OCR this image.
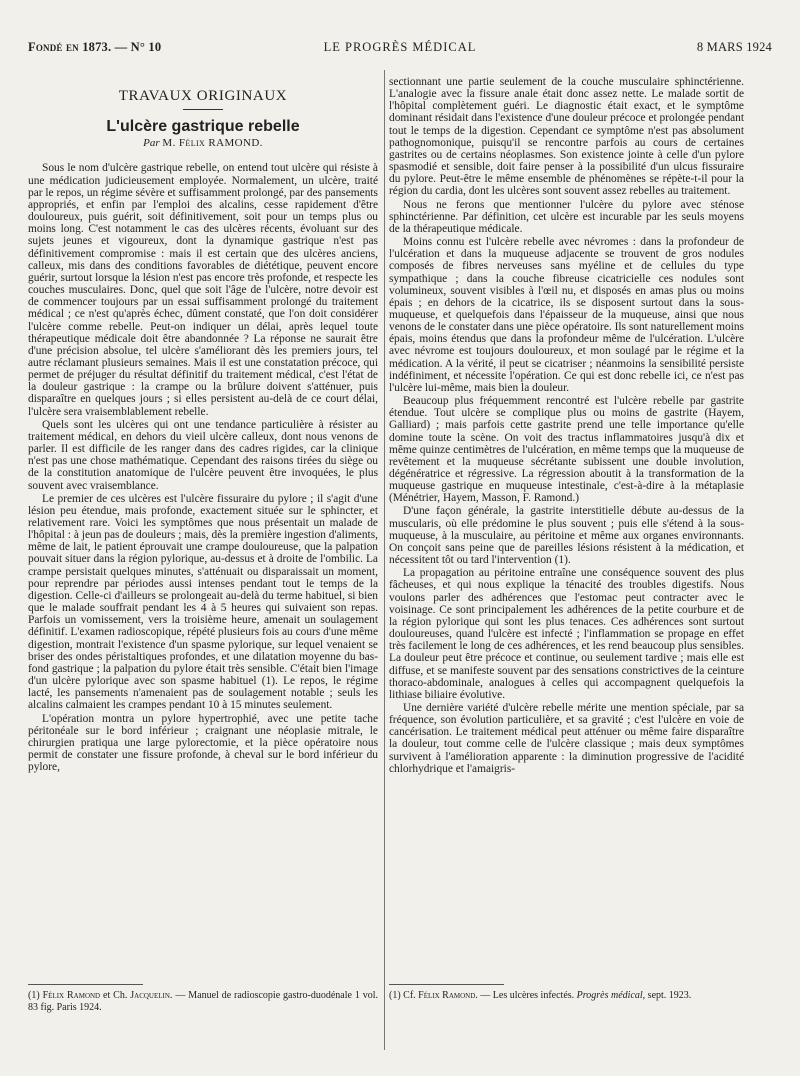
Fondé en 1873. — N° 10	LE PROGRÈS MÉDICAL	8 MARS 1924
TRAVAUX ORIGINAUX
L'ulcère gastrique rebelle
Par M. Félix RAMOND.

Sous le nom d'ulcère gastrique rebelle, on entend tout ulcère qui résiste à une médication judicieusement employée. Normalement, un ulcère, traité par le repos, un régime sévère et suffisamment prolongé, par des pansements appropriés, et enfin par l'emploi des alcalins, cesse rapidement d'être douloureux, puis guérit, soit définitivement, soit pour un temps plus ou moins long. C'est notamment le cas des ulcères récents, évoluant sur des sujets jeunes et vigoureux, dont la dynamique gastrique n'est pas définitivement compromise : mais il est certain que des ulcères anciens, calleux, mis dans des conditions favorables de diététique, peuvent encore guérir, surtout lorsque la lésion n'est pas encore très profonde, et respecte les couches musculaires. Donc, quel que soit l'âge de l'ulcère, notre devoir est de commencer toujours par un essai suffisamment prolongé du traitement médical ; ce n'est qu'après échec, dûment constaté, que l'on doit considérer l'ulcère comme rebelle. Peut-on indiquer un délai, après lequel toute thérapeutique médicale doit être abandonnée ? La réponse ne saurait être d'une précision absolue, tel ulcère s'améliorant dès les premiers jours, tel autre réclamant plusieurs semaines. Mais il est une constatation précoce, qui permet de préjuger du résultat définitif du traitement médical, c'est l'état de la douleur gastrique : la crampe ou la brûlure doivent s'atténuer, puis disparaître en quelques jours ; si elles persistent au-delà de ce court délai, l'ulcère sera vraisemblablement rebelle.

Quels sont les ulcères qui ont une tendance particulière à résister au traitement médical, en dehors du vieil ulcère calleux, dont nous venons de parler. Il est difficile de les ranger dans des cadres rigides, car la clinique n'est pas une chose mathématique. Cependant des raisons tirées du siège ou de la constitution anatomique de l'ulcère peuvent être invoquées, le plus souvent avec vraisemblance.

Le premier de ces ulcères est l'ulcère fissuraire du pylore ; il s'agit d'une lésion peu étendue, mais profonde, exactement située sur le sphincter, et relativement rare. Voici les symptômes que nous présentait un malade de l'hôpital : à jeun pas de douleurs ; mais, dès la première ingestion d'aliments, même de lait, le patient éprouvait une crampe douloureuse, que la palpation pouvait situer dans la région pylorique, au-dessus et à droite de l'ombilic. La crampe persistait quelques minutes, s'atténuait ou disparaissait un moment, pour reprendre par périodes aussi intenses pendant tout le temps de la digestion. Celle-ci d'ailleurs se prolongeait au-delà du terme habituel, si bien que le malade souffrait pendant les 4 à 5 heures qui suivaient son repas. Parfois un vomissement, vers la troisième heure, amenait un soulagement définitif. L'examen radioscopique, répété plusieurs fois au cours d'une même digestion, montrait l'existence d'un spasme pylorique, sur lequel venaient se briser des ondes péristaltiques profondes, et une dilatation moyenne du bas-fond gastrique ; la palpation du pylore était très sensible. C'était bien l'image d'un ulcère pylorique avec son spasme habituel (1). Le repos, le régime lacté, les pansements n'amenaient pas de soulagement notable ; seuls les alcalins calmaient les crampes pendant 10 à 15 minutes seulement.

L'opération montra un pylore hypertrophié, avec une petite tache péritonéale sur le bord inférieur ; craignant une néoplasie mitrale, le chirurgien pratiqua une large pylorectomie, et la pièce opératoire nous permit de constater une fissure profonde, à cheval sur le bord inférieur du pylore,

sectionnant une partie seulement de la couche musculaire sphinctérienne. L'analogie avec la fissure anale était donc assez nette. Le malade sortit de l'hôpital complètement guéri. Le diagnostic était exact, et le symptôme dominant résidait dans l'existence d'une douleur précoce et prolongée pendant tout le temps de la digestion. Cependant ce symptôme n'est pas absolument pathognomonique, puisqu'il se rencontre parfois au cours de certaines gastrites ou de certains néoplasmes. Son existence jointe à celle d'un pylore spasmodié et sensible, doit faire penser à la possibilité d'un ulcus fissuraire du pylore. Peut-être le même ensemble de phénomènes se répète-t-il pour la région du cardia, dont les ulcères sont souvent assez rebelles au traitement.

Nous ne ferons que mentionner l'ulcère du pylore avec sténose sphinctérienne. Par définition, cet ulcère est incurable par les seuls moyens de la thérapeutique médicale.

Moins connu est l'ulcère rebelle avec névromes : dans la profondeur de l'ulcération et dans la muqueuse adjacente se trouvent de gros nodules composés de fibres nerveuses sans myéline et de cellules du type sympathique ; dans la couche fibreuse cicatricielle ces nodules sont volumineux, souvent visibles à l'œil nu, et disposés en amas plus ou moins épais ; en dehors de la cicatrice, ils se disposent surtout dans la sous-muqueuse, et quelquefois dans l'épaisseur de la muqueuse, ainsi que nous venons de le constater dans une pièce opératoire. Ils sont naturellement moins épais, moins étendus que dans la profondeur même de l'ulcération. L'ulcère avec névrome est toujours douloureux, et mon soulagé par le régime et la médication. A la vérité, il peut se cicatriser ; néanmoins la sensibilité persiste indéfiniment, et nécessite l'opération. Ce qui est donc rebelle ici, ce n'est pas l'ulcère lui-même, mais bien la douleur.

Beaucoup plus fréquemment rencontré est l'ulcère rebelle par gastrite étendue. Tout ulcère se complique plus ou moins de gastrite (Hayem, Galliard) ; mais parfois cette gastrite prend une telle importance qu'elle domine toute la scène. On voit des tractus inflammatoires jusqu'à dix et même quinze centimètres de l'ulcération, en même temps que la muqueuse de revêtement et la muqueuse sécrétante subissent une double involution, dégénératrice et régressive. La régression aboutit à la transformation de la muqueuse gastrique en muqueuse intestinale, c'est-à-dire à la métaplasie (Ménétrier, Hayem, Masson, F. Ramond.)

D'une façon générale, la gastrite interstitielle débute au-dessus de la muscularis, où elle prédomine le plus souvent ; puis elle s'étend à la sous-muqueuse, à la musculaire, au péritoine et même aux organes environnants. On conçoit sans peine que de pareilles lésions résistent à la médication, et nécessitent tôt ou tard l'intervention (1).

La propagation au péritoine entraîne une conséquence souvent des plus fâcheuses, et qui nous explique la ténacité des troubles digestifs. Nous voulons parler des adhérences que l'estomac peut contracter avec le voisinage. Ce sont principalement les adhérences de la petite courbure et de la région pylorique qui sont les plus tenaces. Ces adhérences sont surtout douloureuses, quand l'ulcère est infecté ; l'inflammation se propage en effet très facilement le long de ces adhérences, et les rend beaucoup plus sensibles. La douleur peut être précoce et continue, ou seulement tardive ; mais elle est diffuse, et se manifeste souvent par des sensations constrictives de la ceinture thoraco-abdominale, analogues à celles qui accompagnent quelquefois la lithiase biliaire évolutive.

Une dernière variété d'ulcère rebelle mérite une mention spéciale, par sa fréquence, son évolution particulière, et sa gravité ; c'est l'ulcère en voie de cancérisation. Le traitement médical peut atténuer ou même faire disparaître la douleur, tout comme celle de l'ulcère classique ; mais deux symptômes survivent à l'amélioration apparente : la diminution progressive de l'acidité chlorhydrique et l'amaigris-

(1) Félix Ramond et Ch. Jacquelin. — Manuel de radioscopie gastro-duodénale 1 vol. 83 fig. Paris 1924.
(1) Cf. Félix Ramond. — Les ulcères infectés. Progrès médical, sept. 1923.
